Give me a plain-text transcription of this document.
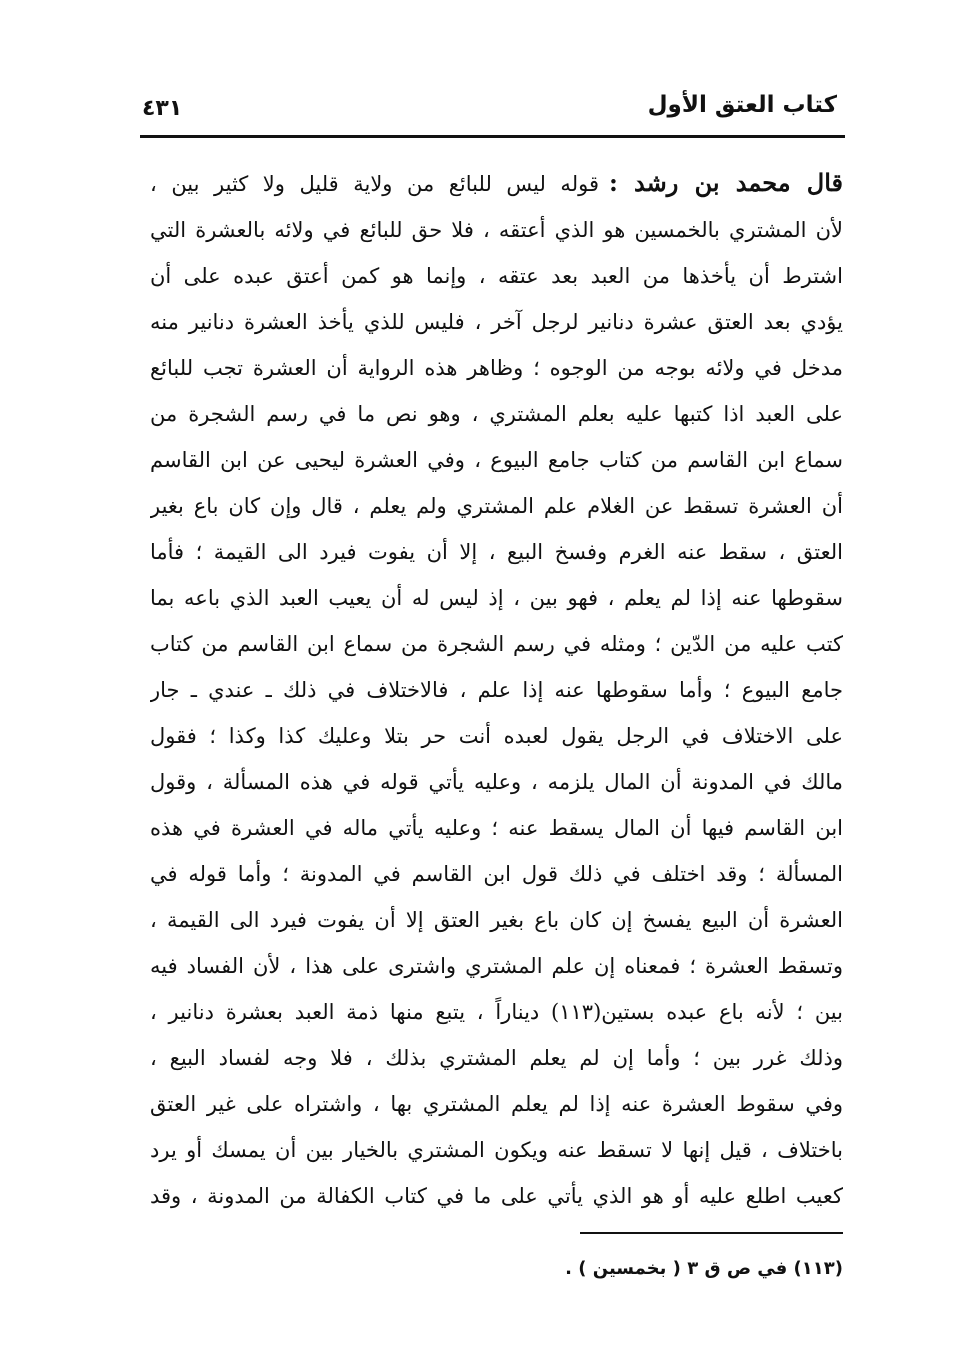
كتاب العتق الأول
٤٣١
قال محمد بن رشد :قوله ليس للبائع من ولاية قليل ولا كثير بين ،
لأن المشتري بالخمسين هو الذي أعتقه ، فلا حق للبائع في ولائه بالعشرة التي
اشترط أن يأخذها من العبد بعد عتقه ، وإنما هو كمن أعتق عبده على أن
يؤدي بعد العتق عشرة دنانير لرجل آخر ، فليس للذي يأخذ العشرة دنانير منه
مدخل في ولائه بوجه من الوجوه ؛ وظاهر هذه الرواية أن العشرة تجب للبائع
على العبد اذا كتبها عليه بعلم المشتري ، وهو نص ما في رسم الشجرة من
سماع ابن القاسم من كتاب جامع البيوع ، وفي العشرة ليحيى عن ابن القاسم
أن العشرة تسقط عن الغلام علم المشتري ولم يعلم ، قال وإن كان باع بغير
العتق ، سقط عنه الغرم وفسخ البيع ، إلا أن يفوت فيرد الى القيمة ؛ فأما
سقوطها عنه إذا لم يعلم ، فهو بين ، إذ ليس له أن يعيب العبد الذي باعه بما
كتب عليه من الدّين ؛ ومثله في رسم الشجرة من سماع ابن القاسم من كتاب
جامع البيوع ؛ وأما سقوطها عنه إذا علم ، فالاختلاف في ذلك ـ عندي ـ جار
على الاختلاف في الرجل يقول لعبده أنت حر بتلا وعليك كذا وكذا ؛ فقول
مالك في المدونة أن المال يلزمه ، وعليه يأتي قوله في هذه المسألة ، وقول
ابن القاسم فيها أن المال يسقط عنه ؛ وعليه يأتي ماله في العشرة في هذه
المسألة ؛ وقد اختلف في ذلك قول ابن القاسم في المدونة ؛ وأما قوله في
العشرة أن البيع يفسخ إن كان باع بغير العتق إلا أن يفوت فيرد الى القيمة ،
وتسقط العشرة ؛ فمعناه إن علم المشتري واشترى على هذا ، لأن الفساد فيه
بين ؛ لأنه باع عبده بستين(١١٣) ديناراً ، يتبع منها ذمة العبد بعشرة دنانير ،
وذلك غرر بين ؛ وأما إن لم يعلم المشتري بذلك ، فلا وجه لفساد البيع ،
وفي سقوط العشرة عنه إذا لم يعلم المشتري بها ، واشتراه على غير العتق
باختلاف ، قيل إنها لا تسقط عنه ويكون المشتري بالخيار بين أن يمسك أو يرد
كعيب اطلع عليه أو هو الذي يأتي على ما في كتاب الكفالة من المدونة ، وقد
(١١٣) في ص ق ٣ ( بخمسين ) .
